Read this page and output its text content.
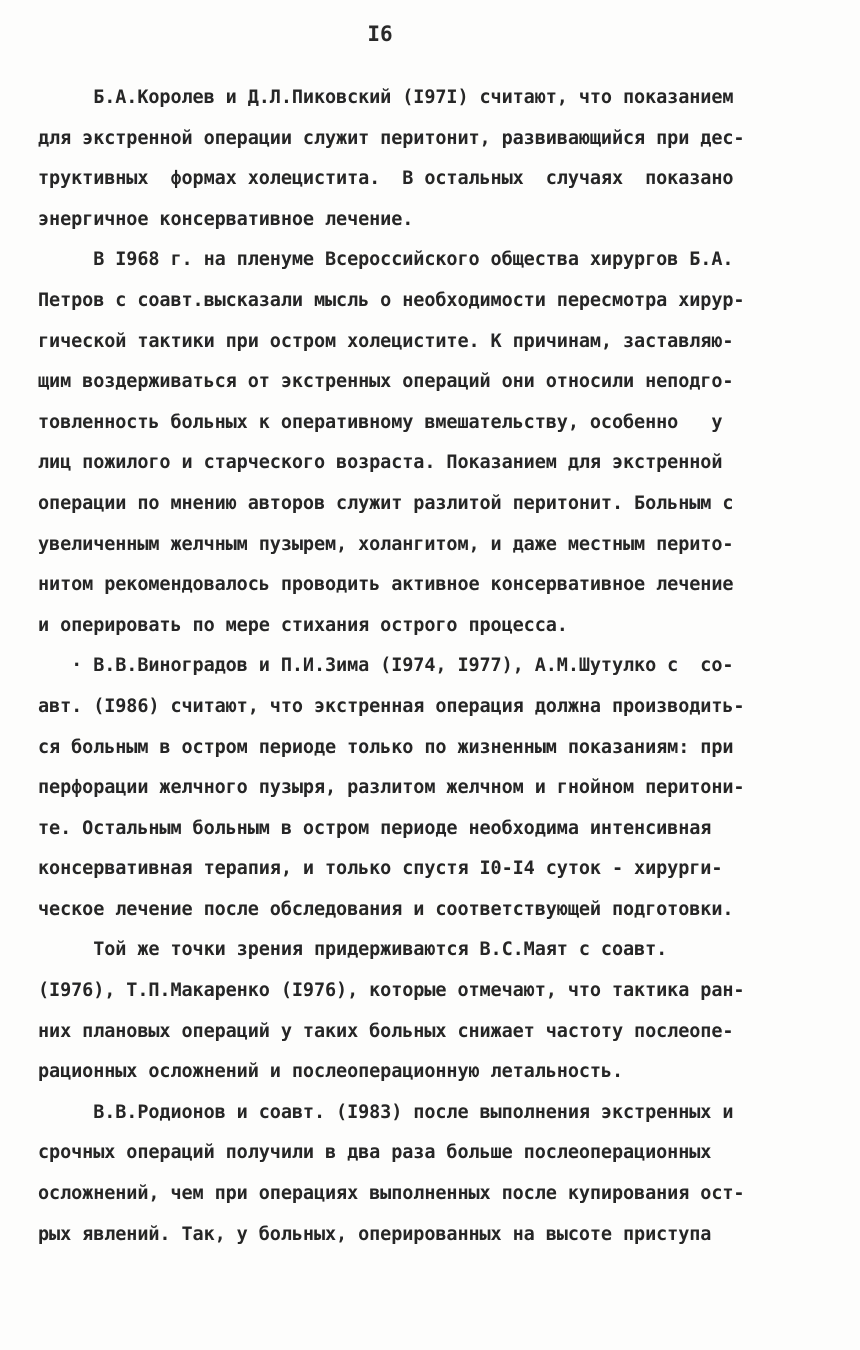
I6
Б.А.Королев и Д.Л.Пиковский (I97I) считают, что показанием
для экстренной операции служит перитонит, развивающийся при дес-
труктивных  формах холецистита.  В остальных  случаях  показано
энергичное консервативное лечение.
В I968 г. на пленуме Всероссийского общества хирургов Б.А.
Петров с соавт.высказали мысль о необходимости пересмотра хирур-
гической тактики при остром холецистите. К причинам, заставляю-
щим воздерживаться от экстренных операций они относили неподго-
товленность больных к оперативному вмешательству, особенно   у
лиц пожилого и старческого возраста. Показанием для экстренной
операции по мнению авторов служит разлитой перитонит. Больным с
увеличенным желчным пузырем, холангитом, и даже местным перито-
нитом рекомендовалось проводить активное консервативное лечение
и оперировать по мере стихания острого процесса.
· В.В.Виноградов и П.И.Зима (I974, I977), А.М.Шутулко с  со-
авт. (I986) считают, что экстренная операция должна производить-
ся больным в остром периоде только по жизненным показаниям: при
перфорации желчного пузыря, разлитом желчном и гнойном перитони-
те. Остальным больным в остром периоде необходима интенсивная
консервативная терапия, и только спустя I0-I4 суток - хирурги-
ческое лечение после обследования и соответствующей подготовки.
Той же точки зрения придерживаются В.С.Маят с соавт.
(I976), Т.П.Макаренко (I976), которые отмечают, что тактика ран-
них плановых операций у таких больных снижает частоту послеопе-
рационных осложнений и послеоперационную летальность.
В.В.Родионов и соавт. (I983) после выполнения экстренных и
срочных операций получили в два раза больше послеоперационных
осложнений, чем при операциях выполненных после купирования ост-
рых явлений. Так, у больных, оперированных на высоте приступа
